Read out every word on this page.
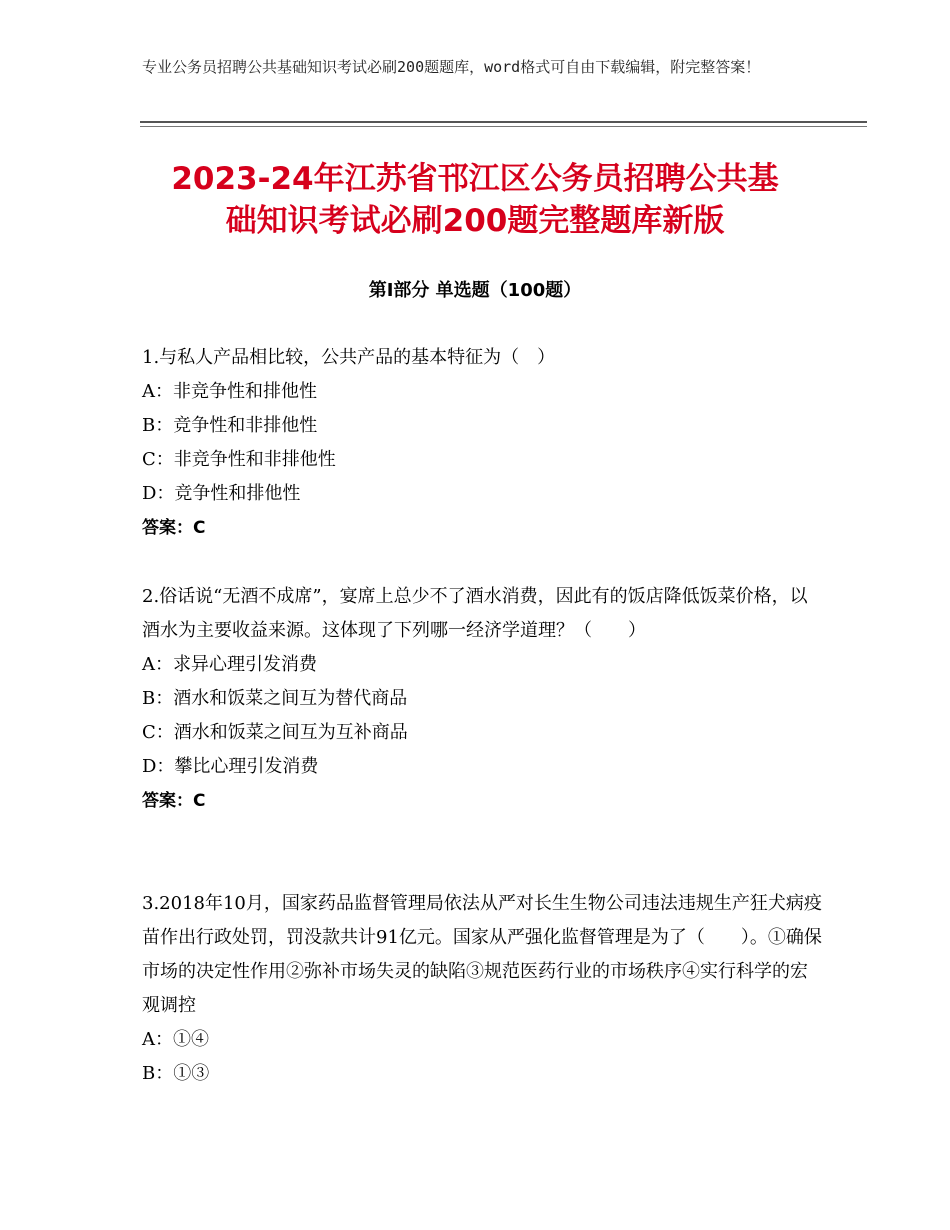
专业公务员招聘公共基础知识考试必刷200题题库，word格式可自由下载编辑，附完整答案！
2023-24年江苏省邗江区公务员招聘公共基
础知识考试必刷200题完整题库新版
第Ⅰ部分 单选题（100题）

1.与私人产品相比较，公共产品的基本特征为（　）

A：非竞争性和排他性

B：竞争性和非排他性

C：非竞争性和非排他性

D：竞争性和排他性

答案：C

2.俗话说“无酒不成席”，宴席上总少不了酒水消费，因此有的饭店降低饭菜价格，以酒水为主要收益来源。这体现了下列哪一经济学道理？（　　）

A：求异心理引发消费

B：酒水和饭菜之间互为替代商品

C：酒水和饭菜之间互为互补商品

D：攀比心理引发消费

答案：C

3.2018年10月，国家药品监督管理局依法从严对长生生物公司违法违规生产狂犬病疫苗作出行政处罚，罚没款共计91亿元。国家从严强化监督管理是为了（　　）。①确保市场的决定性作用②弥补市场失灵的缺陷③规范医药行业的市场秩序④实行科学的宏观调控

A：①④

B：①③
